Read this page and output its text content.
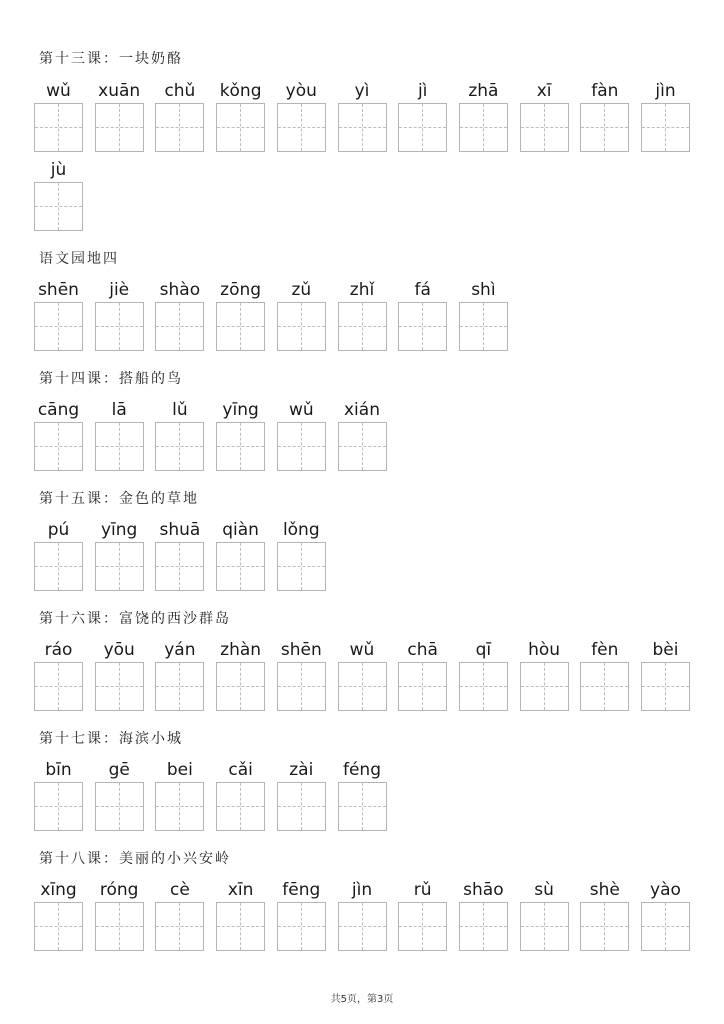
第十三课：一块奶酪
wǔ	xuān	chǔ	kǒng	yòu	yì	jì	zhā	xī	fàn	jìn
jù
语文园地四
shēn	jiè	shào	zōng	zǔ	zhǐ	fá	shì
第十四课：搭船的鸟
cāng	lā	lǔ	yīng	wǔ	xián
第十五课：金色的草地
pú	yīng	shuā	qiàn	lǒng
第十六课：富饶的西沙群岛
ráo	yōu	yán	zhàn	shēn	wǔ	chā	qī	hòu	fèn	bèi
第十七课：海滨小城
bīn	gē	bei	cǎi	zài	féng
第十八课：美丽的小兴安岭
xīng	róng	cè	xīn	fēng	jìn	rǔ	shāo	sù	shè	yào
共5页，第3页
